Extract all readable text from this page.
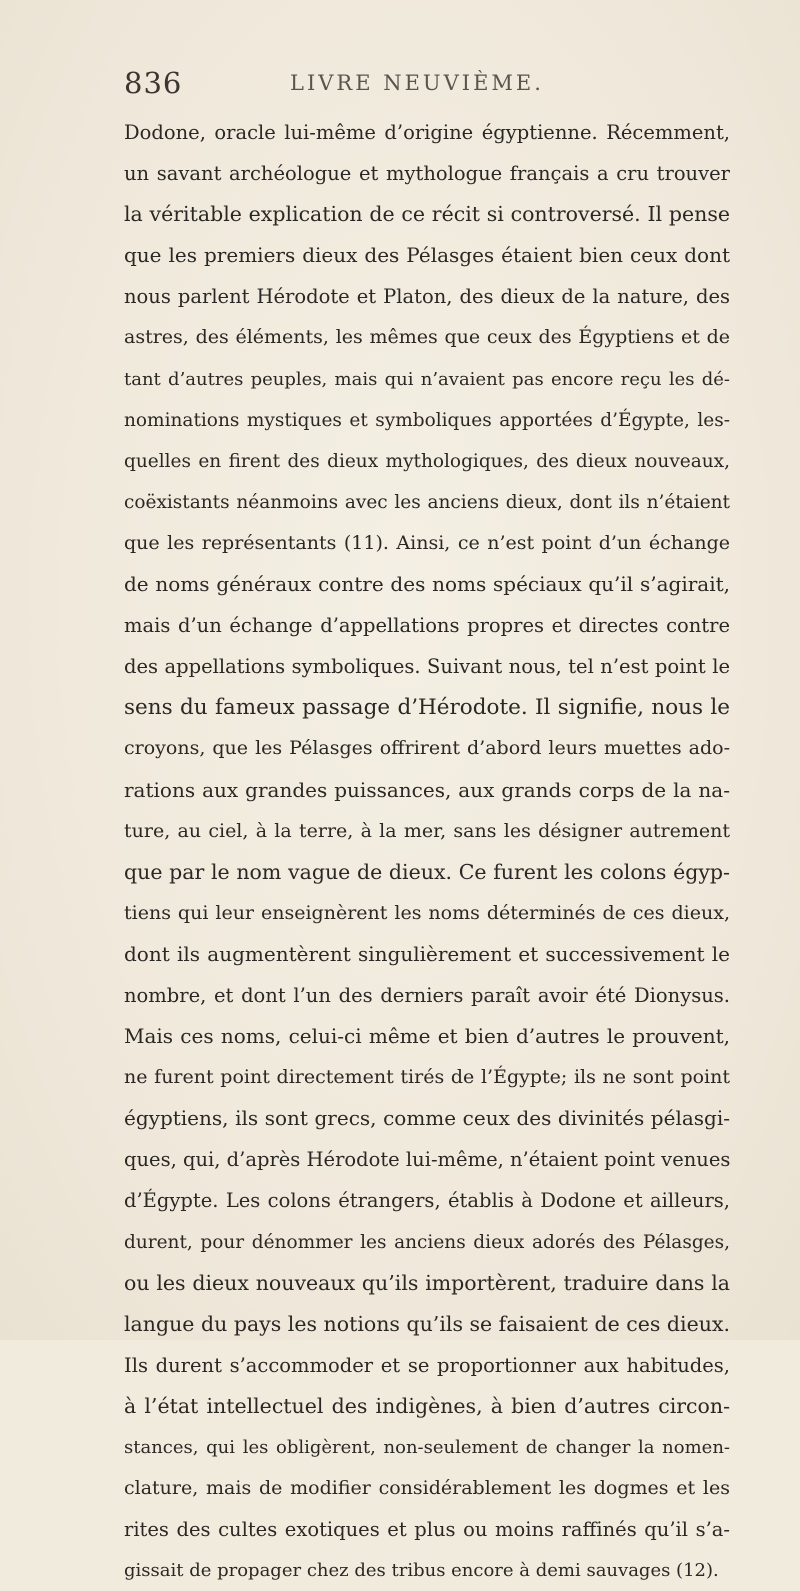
836	LIVRE NEUVIÈME.
Dodone, oracle lui-même d’origine égyptienne. Récemment,
un savant archéologue et mythologue français a cru trouver
la véritable explication de ce récit si controversé. Il pense
que les premiers dieux des Pélasges étaient bien ceux dont
nous parlent Hérodote et Platon, des dieux de la nature, des
astres, des éléments, les mêmes que ceux des Égyptiens et de
tant d’autres peuples, mais qui n’avaient pas encore reçu les dé-
nominations mystiques et symboliques apportées d’Égypte, les-
quelles en firent des dieux mythologiques, des dieux nouveaux,
coëxistants néanmoins avec les anciens dieux, dont ils n’étaient
que les représentants (11). Ainsi, ce n’est point d’un échange
de noms généraux contre des noms spéciaux qu’il s’agirait,
mais d’un échange d’appellations propres et directes contre
des appellations symboliques. Suivant nous, tel n’est point le
sens du fameux passage d’Hérodote. Il signifie, nous le
croyons, que les Pélasges offrirent d’abord leurs muettes ado-
rations aux grandes puissances, aux grands corps de la na-
ture, au ciel, à la terre, à la mer, sans les désigner autrement
que par le nom vague de dieux. Ce furent les colons égyp-
tiens qui leur enseignèrent les noms déterminés de ces dieux,
dont ils augmentèrent singulièrement et successivement le
nombre, et dont l’un des derniers paraît avoir été Dionysus.
Mais ces noms, celui-ci même et bien d’autres le prouvent,
ne furent point directement tirés de l’Égypte; ils ne sont point
égyptiens, ils sont grecs, comme ceux des divinités pélasgi-
ques, qui, d’après Hérodote lui-même, n’étaient point venues
d’Égypte. Les colons étrangers, établis à Dodone et ailleurs,
durent, pour dénommer les anciens dieux adorés des Pélasges,
ou les dieux nouveaux qu’ils importèrent, traduire dans la
langue du pays les notions qu’ils se faisaient de ces dieux.
Ils durent s’accommoder et se proportionner aux habitudes,
à l’état intellectuel des indigènes, à bien d’autres circon-
stances, qui les obligèrent, non-seulement de changer la nomen-
clature, mais de modifier considérablement les dogmes et les
rites des cultes exotiques et plus ou moins raffinés qu’il s’a-
gissait de propager chez des tribus encore à demi sauvages (12).
